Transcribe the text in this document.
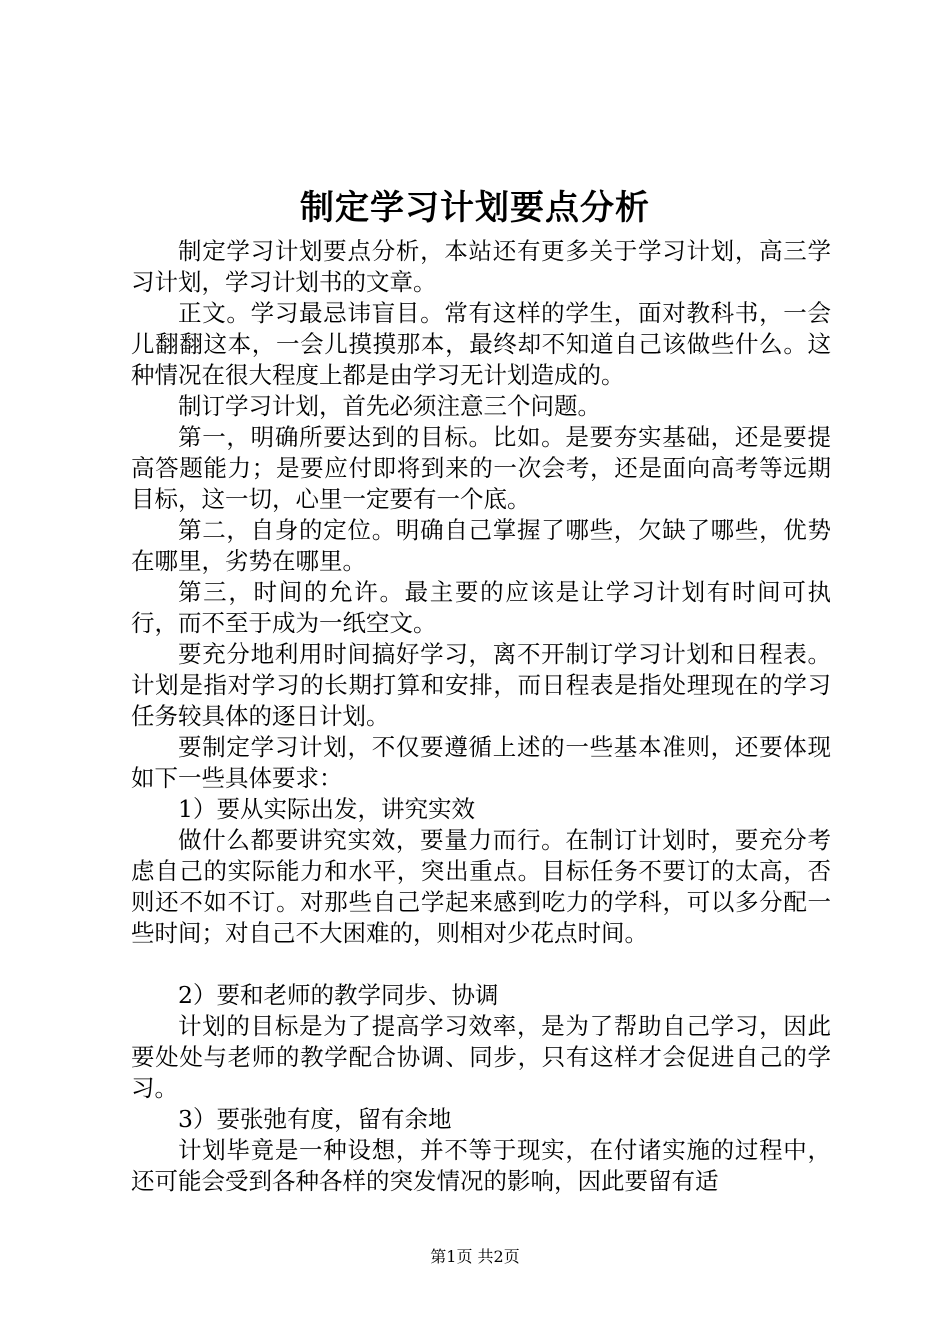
制定学习计划要点分析

制定学习计划要点分析，本站还有更多关于学习计划，高三学习计划，学习计划书的文章。

正文。学习最忌讳盲目。常有这样的学生，面对教科书，一会儿翻翻这本，一会儿摸摸那本，最终却不知道自己该做些什么。这种情况在很大程度上都是由学习无计划造成的。

制订学习计划，首先必须注意三个问题。

第一，明确所要达到的目标。比如。是要夯实基础，还是要提高答题能力；是要应付即将到来的一次会考，还是面向高考等远期目标，这一切，心里一定要有一个底。

第二，自身的定位。明确自己掌握了哪些，欠缺了哪些，优势在哪里，劣势在哪里。

第三，时间的允许。最主要的应该是让学习计划有时间可执行，而不至于成为一纸空文。

要充分地利用时间搞好学习，离不开制订学习计划和日程表。计划是指对学习的长期打算和安排，而日程表是指处理现在的学习任务较具体的逐日计划。

要制定学习计划，不仅要遵循上述的一些基本准则，还要体现如下一些具体要求：

1）要从实际出发，讲究实效

做什么都要讲究实效，要量力而行。在制订计划时，要充分考虑自己的实际能力和水平，突出重点。目标任务不要订的太高，否则还不如不订。对那些自己学起来感到吃力的学科，可以多分配一些时间；对自己不大困难的，则相对少花点时间。

2）要和老师的教学同步、协调

计划的目标是为了提高学习效率，是为了帮助自己学习，因此要处处与老师的教学配合协调、同步，只有这样才会促进自己的学习。

3）要张弛有度，留有余地

计划毕竟是一种设想，并不等于现实，在付诸实施的过程中，还可能会受到各种各样的突发情况的影响，因此要留有适

第1页 共2页
